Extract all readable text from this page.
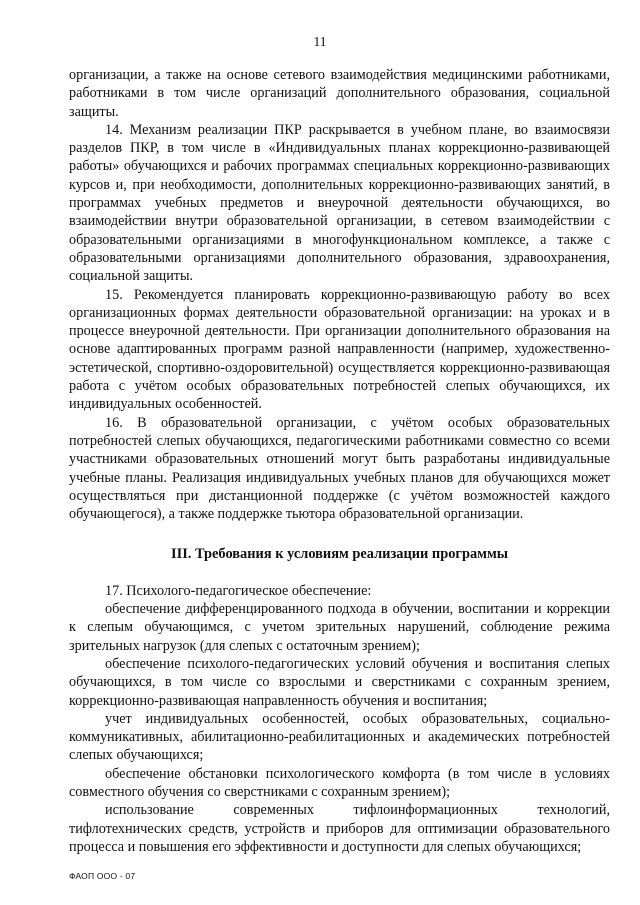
11

организации, а также на основе сетевого взаимодействия медицинскими работниками, работниками в том числе организаций дополнительного образования, социальной защиты.

14. Механизм реализации ПКР раскрывается в учебном плане, во взаимосвязи разделов ПКР, в том числе в «Индивидуальных планах коррекционно-развивающей работы» обучающихся и рабочих программах специальных коррекционно-развивающих курсов и, при необходимости, дополнительных коррекционно-развивающих занятий, в программах учебных предметов и внеурочной деятельности обучающихся, во взаимодействии внутри образовательной организации, в сетевом взаимодействии с образовательными организациями в многофункциональном комплексе, а также с образовательными организациями дополнительного образования, здравоохранения, социальной защиты.

15. Рекомендуется планировать коррекционно-развивающую работу во всех организационных формах деятельности образовательной организации: на уроках и в процессе внеурочной деятельности. При организации дополнительного образования на основе адаптированных программ разной направленности (например, художественно-эстетической, спортивно-оздоровительной) осуществляется коррекционно-развивающая работа с учётом особых образовательных потребностей слепых обучающихся, их индивидуальных особенностей.

16. В образовательной организации, с учётом особых образовательных потребностей слепых обучающихся, педагогическими работниками совместно со всеми участниками образовательных отношений могут быть разработаны индивидуальные учебные планы. Реализация индивидуальных учебных планов для обучающихся может осуществляться при дистанционной поддержке (с учётом возможностей каждого обучающегося), а также поддержке тьютора образовательной организации.

III. Требования к условиям реализации программы

17. Психолого-педагогическое обеспечение:

обеспечение дифференцированного подхода в обучении, воспитании и коррекции к слепым обучающимся, с учетом зрительных нарушений, соблюдение режима зрительных нагрузок (для слепых с остаточным зрением);

обеспечение психолого-педагогических условий обучения и воспитания слепых обучающихся, в том числе со взрослыми и сверстниками с сохранным зрением, коррекционно-развивающая направленность обучения и воспитания;

учет индивидуальных особенностей, особых образовательных, социально-коммуникативных, абилитационно-реабилитационных и академических потребностей слепых обучающихся;

обеспечение обстановки психологического комфорта (в том числе в условиях совместного обучения со сверстниками с сохранным зрением);

использование современных тифлоинформационных технологий, тифлотехнических средств, устройств и приборов для оптимизации образовательного процесса и повышения его эффективности и доступности для слепых обучающихся;

ФАОП ООО - 07
